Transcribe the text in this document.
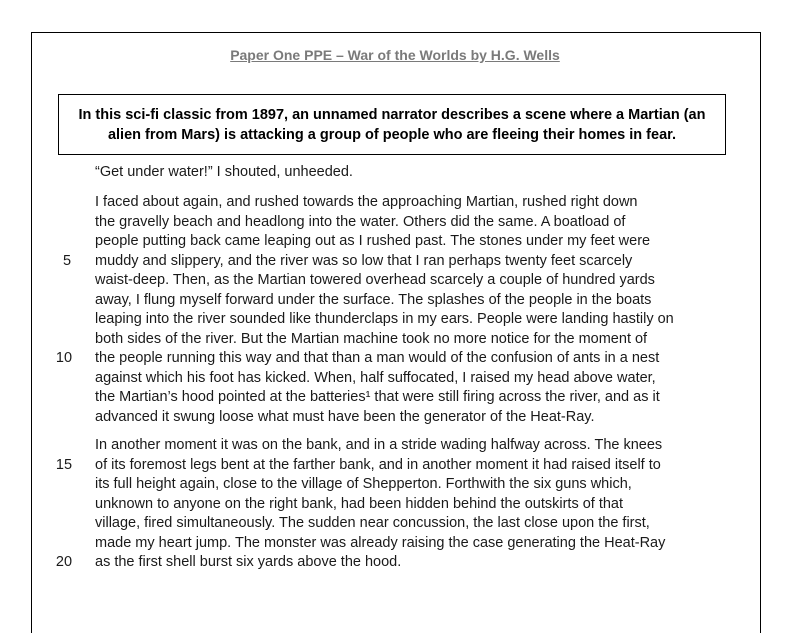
Paper One PPE – War of the Worlds by H.G. Wells
In this sci-fi classic from 1897, an unnamed narrator describes a scene where a Martian (an alien from Mars) is attacking a group of people who are fleeing their homes in fear.
“Get under water!” I shouted, unheeded.
I faced about again, and rushed towards the approaching Martian, rushed right down
the gravelly beach and headlong into the water. Others did the same. A boatload of
people putting back came leaping out as I rushed past. The stones under my feet were
muddy and slippery, and the river was so low that I ran perhaps twenty feet scarcely
waist-deep. Then, as the Martian towered overhead scarcely a couple of hundred yards
away, I flung myself forward under the surface. The splashes of the people in the boats
leaping into the river sounded like thunderclaps in my ears. People were landing hastily on
both sides of the river. But the Martian machine took no more notice for the moment of
the people running this way and that than a man would of the confusion of ants in a nest
against which his foot has kicked. When, half suffocated, I raised my head above water,
the Martian’s hood pointed at the batteries¹ that were still firing across the river, and as it
advanced it swung loose what must have been the generator of the Heat-Ray.
In another moment it was on the bank, and in a stride wading halfway across. The knees
of its foremost legs bent at the farther bank, and in another moment it had raised itself to
its full height again, close to the village of Shepperton. Forthwith the six guns which,
unknown to anyone on the right bank, had been hidden behind the outskirts of that
village, fired simultaneously. The sudden near concussion, the last close upon the first,
made my heart jump. The monster was already raising the case generating the Heat-Ray
as the first shell burst six yards above the hood.
5
10
15
20
